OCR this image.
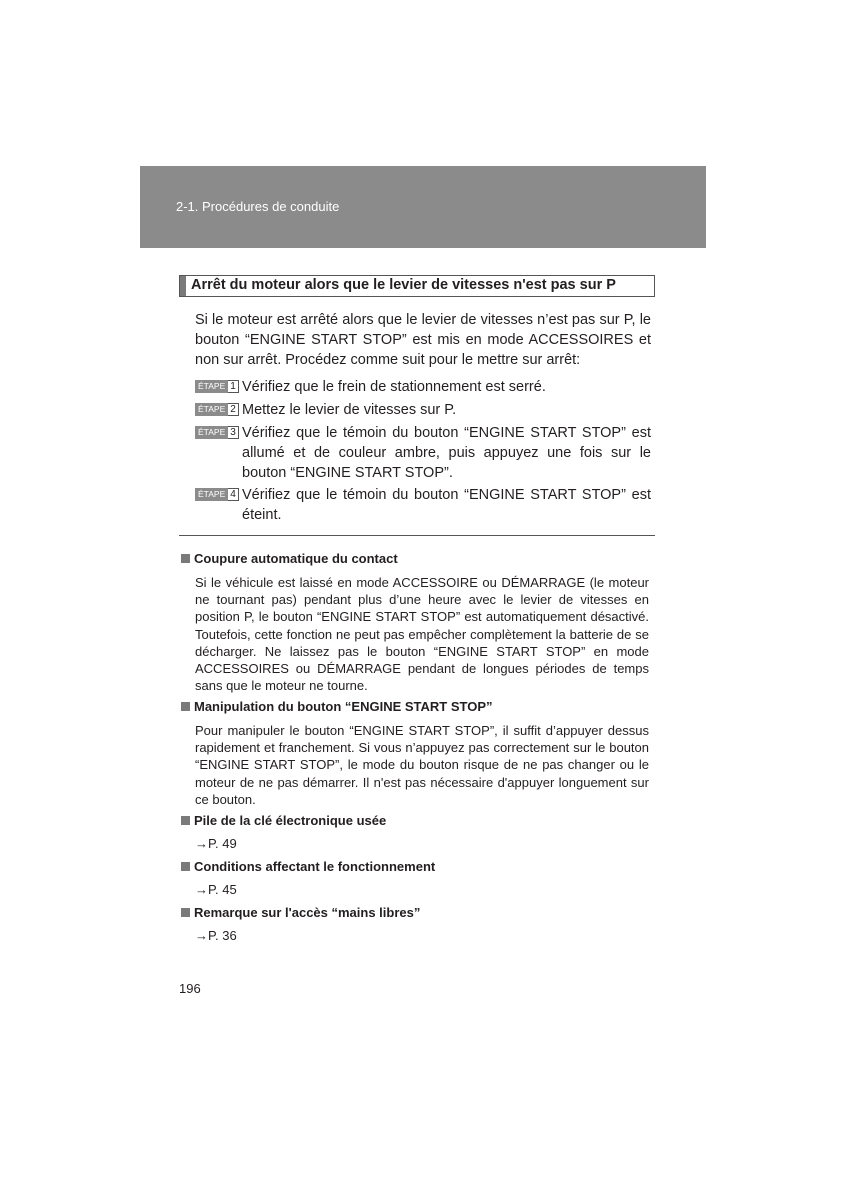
2-1. Procédures de conduite
Arrêt du moteur alors que le levier de vitesses n'est pas sur P
Si le moteur est arrêté alors que le levier de vitesses n’est pas sur P, le bouton “ENGINE START STOP” est mis en mode ACCESSOIRES et non sur arrêt. Procédez comme suit pour le mettre sur arrêt:
ÉTAPE 1 Vérifiez que le frein de stationnement est serré.
ÉTAPE 2 Mettez le levier de vitesses sur P.
ÉTAPE 3 Vérifiez que le témoin du bouton “ENGINE START STOP” est allumé et de couleur ambre, puis appuyez une fois sur le bouton “ENGINE START STOP”.
ÉTAPE 4 Vérifiez que le témoin du bouton “ENGINE START STOP” est éteint.
Coupure automatique du contact
Si le véhicule est laissé en mode ACCESSOIRE ou DÉMARRAGE (le moteur ne tournant pas) pendant plus d’une heure avec le levier de vitesses en position P, le bouton “ENGINE START STOP” est automatiquement désactivé. Toutefois, cette fonction ne peut pas empêcher complètement la batterie de se décharger. Ne laissez pas le bouton “ENGINE START STOP” en mode ACCESSOIRES ou DÉMARRAGE pendant de longues périodes de temps sans que le moteur ne tourne.
Manipulation du bouton “ENGINE START STOP”
Pour manipuler le bouton “ENGINE START STOP”, il suffit d’appuyer dessus rapidement et franchement. Si vous n’appuyez pas correctement sur le bouton “ENGINE START STOP”, le mode du bouton risque de ne pas changer ou le moteur de ne pas démarrer. Il n'est pas nécessaire d'appuyer longuement sur ce bouton.
Pile de la clé électronique usée
→P. 49
Conditions affectant le fonctionnement
→P. 45
Remarque sur l'accès “mains libres”
→P. 36
196
